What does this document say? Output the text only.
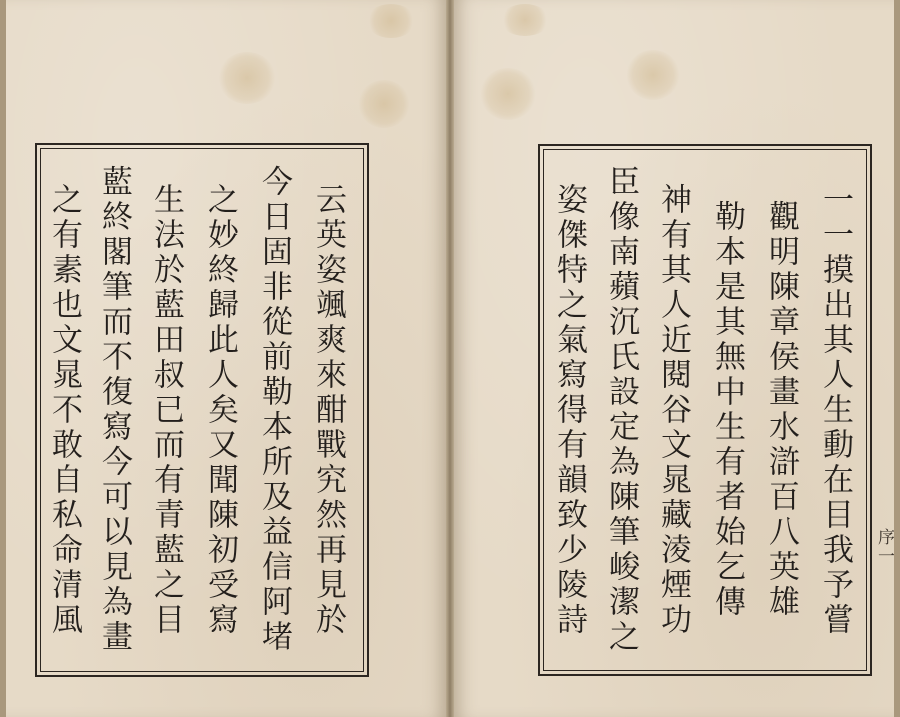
云英姿颯爽來酣戰究然再見於
今日固非從前勒本所及益信阿堵
之妙終歸此人矣又聞陳初受寫
生法於藍田叔已而有青藍之目
藍終閣筆而不復寫今可以見為畫
之有素也文晁不敢自私命清風	一一摸出其人生動在目我予嘗
觀明陳章侯畫水滸百八英雄
勒本是其無中生有者始乞傳
神有其人近閱谷文晁藏淩煙功
臣像南蘋沉氏設定為陳筆峻潔之
姿傑特之氣寫得有韻致少陵詩	序一
